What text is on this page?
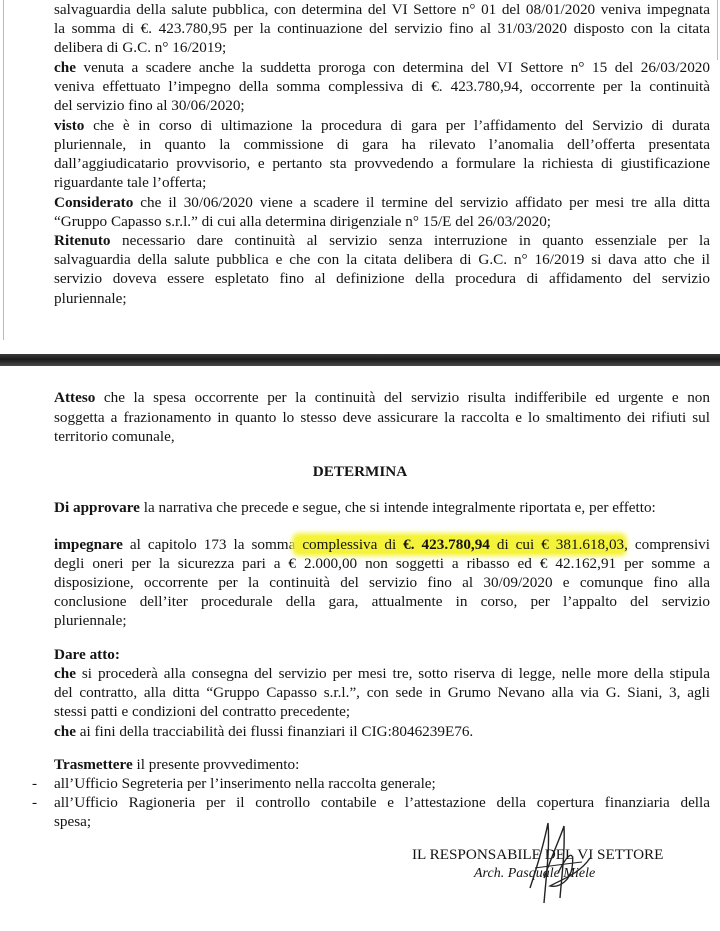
salvaguardia della salute pubblica, con determina del VI Settore n° 01 del 08/01/2020 veniva impegnata
la somma di €. 423.780,95 per la continuazione del servizio fino al 31/03/2020 disposto con la citata
delibera di G.C. n° 16/2019;
che venuta a scadere anche la suddetta proroga con determina del VI Settore n° 15 del 26/03/2020
veniva effettuato l’impegno della somma complessiva di €. 423.780,94, occorrente per la continuità
del servizio fino al 30/06/2020;
visto che è in corso di ultimazione la procedura di gara per l’affidamento del Servizio di durata
pluriennale, in quanto la commissione di gara ha rilevato l’anomalia dell’offerta presentata
dall’aggiudicatario provvisorio, e pertanto sta provvedendo a formulare la richiesta di giustificazione
riguardante tale l’offerta;
Considerato che il 30/06/2020 viene a scadere il termine del servizio affidato per mesi tre alla ditta
“Gruppo Capasso s.r.l.” di cui alla determina dirigenziale n° 15/E del 26/03/2020;
Ritenuto necessario dare continuità al servizio senza interruzione in quanto essenziale per la
salvaguardia della salute pubblica e che con la citata delibera di G.C. n° 16/2019 si dava atto che il
servizio doveva essere espletato fino al definizione della procedura di affidamento del servizio
pluriennale;
Atteso che la spesa occorrente per la continuità del servizio risulta indifferibile ed urgente e non
soggetta a frazionamento in quanto lo stesso deve assicurare la raccolta e lo smaltimento dei rifiuti sul
territorio comunale,
DETERMINA
Di approvare la narrativa che precede e segue, che si intende integralmente riportata e, per effetto:
impegnare al capitolo 173 la somma complessiva di €. 423.780,94 di cui € 381.618,03, comprensivi
degli oneri per la sicurezza pari a € 2.000,00 non soggetti a ribasso ed € 42.162,91 per somme a
disposizione, occorrente per la continuità del servizio fino al 30/09/2020 e comunque fino alla
conclusione dell’iter procedurale della gara, attualmente in corso, per l’appalto del servizio
pluriennale;
Dare atto:
che si procederà alla consegna del servizio per mesi tre, sotto riserva di legge, nelle more della stipula
del contratto, alla ditta “Gruppo Capasso s.r.l.”, con sede in Grumo Nevano alla via G. Siani, 3, agli
stessi patti e condizioni del contratto precedente;
che ai fini della tracciabilità dei flussi finanziari il CIG:8046239E76.
Trasmettere il presente provvedimento:
- all’Ufficio Segreteria per l’inserimento nella raccolta generale;
- all’Ufficio Ragioneria per il controllo contabile e l’attestazione della copertura finanziaria della
spesa;
IL RESPONSABILE DEL VI SETTORE
Arch. Pasquale Miele
